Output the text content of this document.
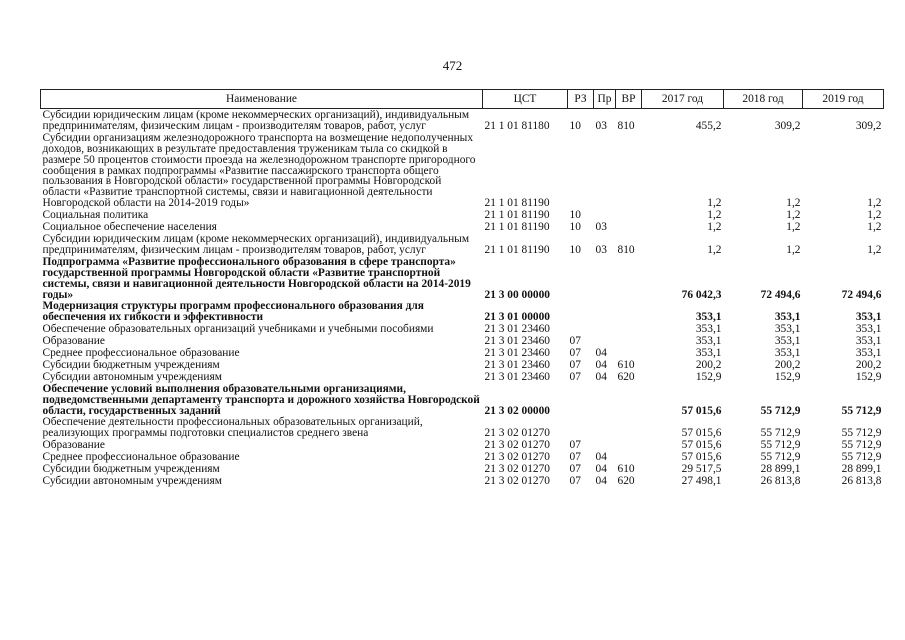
472
Наименование	ЦСТ	РЗ	Пр	ВР	2017 год	2018 год	2019 год
Субсидии юридическим лицам (кроме некоммерческих организаций), индивидуальным предпринимателям, физическим лицам - производителям товаров, работ, услуг	21 1 01 81180	10	03	810	455,2	309,2	309,2
Субсидии организациям железнодорожного транспорта на возмещение недополученных доходов, возникающих в результате предоставления труженикам тыла со скидкой в размере 50 процентов стоимости проезда на железнодорожном транспорте пригородного сообщения в рамках подпрограммы «Развитие пассажирского транспорта общего пользования в Новгородской области» государственной программы Новгородской области «Развитие транспортной системы, связи и навигационной деятельности Новгородской области на 2014-2019 годы»	21 1 01 81190				1,2	1,2	1,2
Социальная политика	21 1 01 81190	10			1,2	1,2	1,2
Социальное обеспечение населения	21 1 01 81190	10	03		1,2	1,2	1,2
Субсидии юридическим лицам (кроме некоммерческих организаций), индивидуальным предпринимателям, физическим лицам - производителям товаров, работ, услуг	21 1 01 81190	10	03	810	1,2	1,2	1,2
Подпрограмма «Развитие профессионального образования в сфере транспорта» государственной программы Новгородской области «Развитие транспортной системы, связи и навигационной деятельности Новгородской области на 2014-2019 годы»	21 3 00 00000				76 042,3	72 494,6	72 494,6
Модернизация структуры программ профессионального образования для обеспечения их гибкости и эффективности	21 3 01 00000				353,1	353,1	353,1
Обеспечение образовательных организаций учебниками и учебными пособиями	21 3 01 23460				353,1	353,1	353,1
Образование	21 3 01 23460	07			353,1	353,1	353,1
Среднее профессиональное образование	21 3 01 23460	07	04		353,1	353,1	353,1
Субсидии бюджетным учреждениям	21 3 01 23460	07	04	610	200,2	200,2	200,2
Субсидии автономным учреждениям	21 3 01 23460	07	04	620	152,9	152,9	152,9
Обеспечение условий выполнения образовательными организациями, подведомственными департаменту транспорта и дорожного хозяйства Новгородской области, государственных заданий	21 3 02 00000				57 015,6	55 712,9	55 712,9
Обеспечение деятельности профессиональных образовательных организаций, реализующих программы подготовки специалистов среднего звена	21 3 02 01270				57 015,6	55 712,9	55 712,9
Образование	21 3 02 01270	07			57 015,6	55 712,9	55 712,9
Среднее профессиональное образование	21 3 02 01270	07	04		57 015,6	55 712,9	55 712,9
Субсидии бюджетным учреждениям	21 3 02 01270	07	04	610	29 517,5	28 899,1	28 899,1
Субсидии автономным учреждениям	21 3 02 01270	07	04	620	27 498,1	26 813,8	26 813,8
